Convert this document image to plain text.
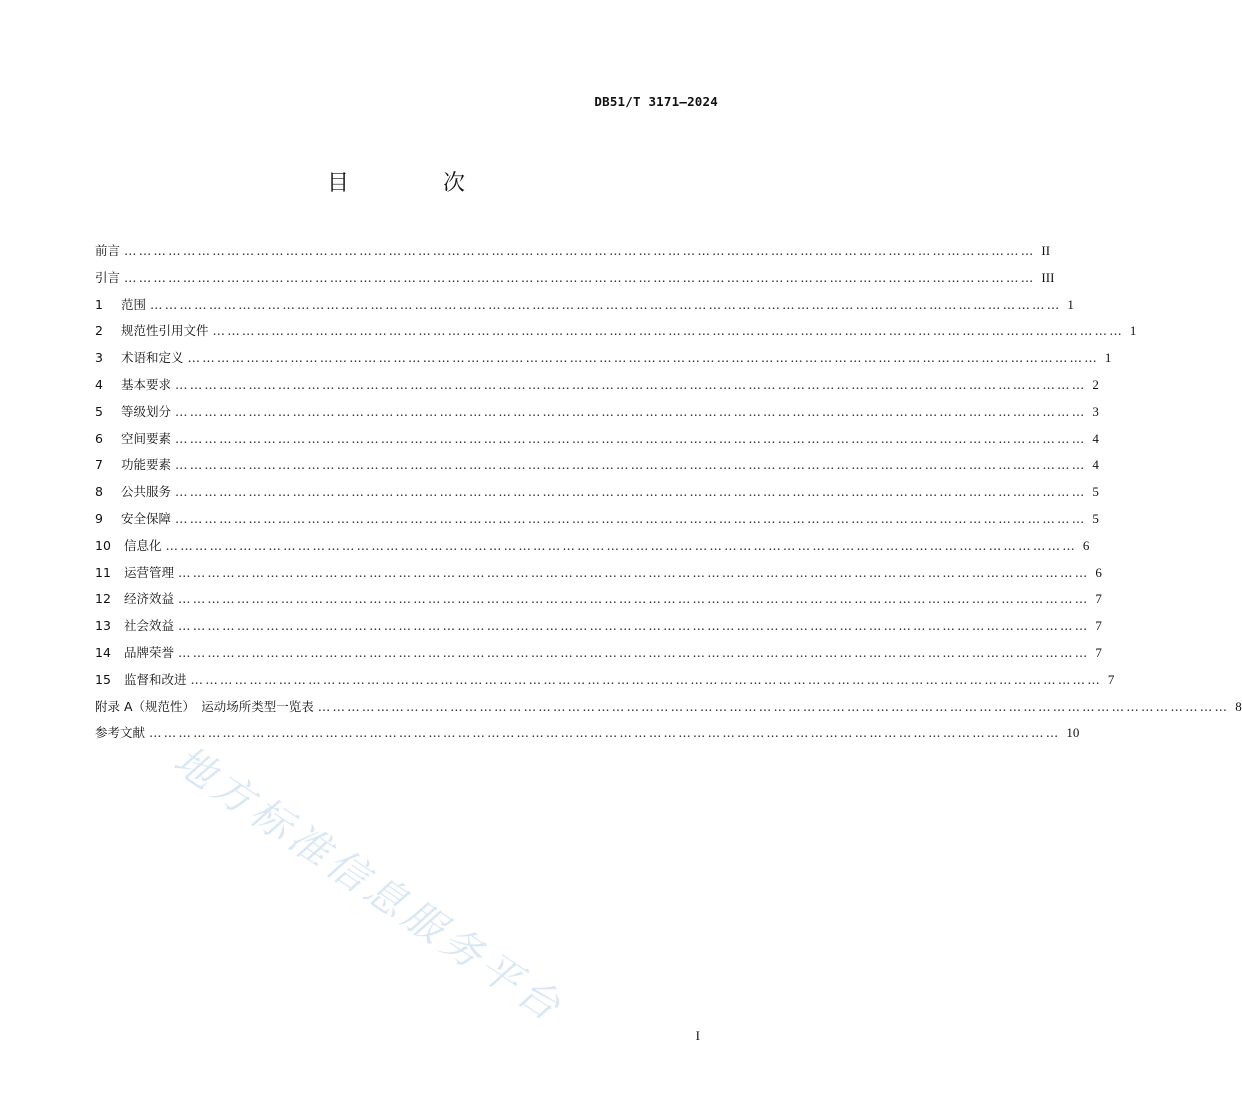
DB51/T 3171—2024
目　次
前言 …………………………………………………………………………………………………………………………………………………………………… II
引言 …………………………………………………………………………………………………………………………………………………………………… III
1	范围 …………………………………………………………………………………………………………………………………………………………………… 1
2	规范性引用文件 …………………………………………………………………………………………………………………………………………………………………… 1
3	术语和定义 …………………………………………………………………………………………………………………………………………………………………… 1
4	基本要求 …………………………………………………………………………………………………………………………………………………………………… 2
5	等级划分 …………………………………………………………………………………………………………………………………………………………………… 3
6	空间要素 …………………………………………………………………………………………………………………………………………………………………… 4
7	功能要素 …………………………………………………………………………………………………………………………………………………………………… 4
8	公共服务 …………………………………………………………………………………………………………………………………………………………………… 5
9	安全保障 …………………………………………………………………………………………………………………………………………………………………… 5
10	信息化 …………………………………………………………………………………………………………………………………………………………………… 6
11	运营管理 …………………………………………………………………………………………………………………………………………………………………… 6
12	经济效益 …………………………………………………………………………………………………………………………………………………………………… 7
13	社会效益 …………………………………………………………………………………………………………………………………………………………………… 7
14	品牌荣誉 …………………………………………………………………………………………………………………………………………………………………… 7
15	监督和改进 …………………………………………………………………………………………………………………………………………………………………… 7
附录 A（规范性）　运动场所类型一览表 …………………………………………………………………………………………………………………………………………………………………… 8
参考文献 …………………………………………………………………………………………………………………………………………………………………… 10
地方标准信息服务平台
I
